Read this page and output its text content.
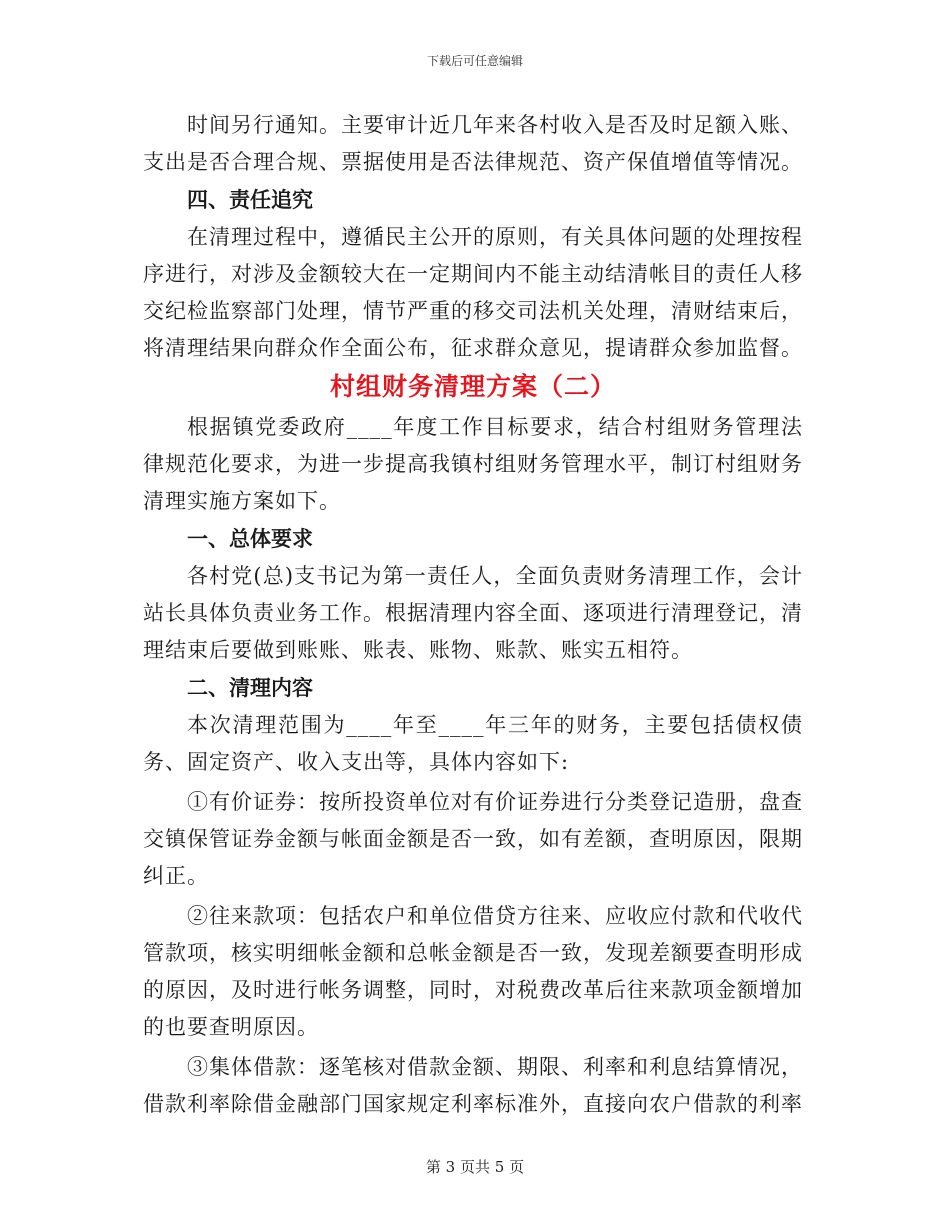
下载后可任意编辑

时间另行通知。主要审计近几年来各村收入是否及时足额入账、支出是否合理合规、票据使用是否法律规范、资产保值增值等情况。

四、责任追究

在清理过程中，遵循民主公开的原则，有关具体问题的处理按程序进行，对涉及金额较大在一定期间内不能主动结清帐目的责任人移交纪检监察部门处理，情节严重的移交司法机关处理，清财结束后，将清理结果向群众作全面公布，征求群众意见，提请群众参加监督。

村组财务清理方案（二）

根据镇党委政府____年度工作目标要求，结合村组财务管理法律规范化要求，为进一步提高我镇村组财务管理水平，制订村组财务清理实施方案如下。

一、总体要求

各村党(总)支书记为第一责任人，全面负责财务清理工作，会计站长具体负责业务工作。根据清理内容全面、逐项进行清理登记，清理结束后要做到账账、账表、账物、账款、账实五相符。

二、清理内容

本次清理范围为____年至____年三年的财务，主要包括债权债务、固定资产、收入支出等，具体内容如下:

①有价证券：按所投资单位对有价证券进行分类登记造册，盘查交镇保管证券金额与帐面金额是否一致，如有差额，查明原因，限期纠正。

②往来款项：包括农户和单位借贷方往来、应收应付款和代收代管款项，核实明细帐金额和总帐金额是否一致，发现差额要查明形成的原因，及时进行帐务调整，同时，对税费改革后往来款项金额增加的也要查明原因。

③集体借款：逐笔核对借款金额、期限、利率和利息结算情况，借款利率除借金融部门国家规定利率标准外，直接向农户借款的利率

第 3 页共 5 页
